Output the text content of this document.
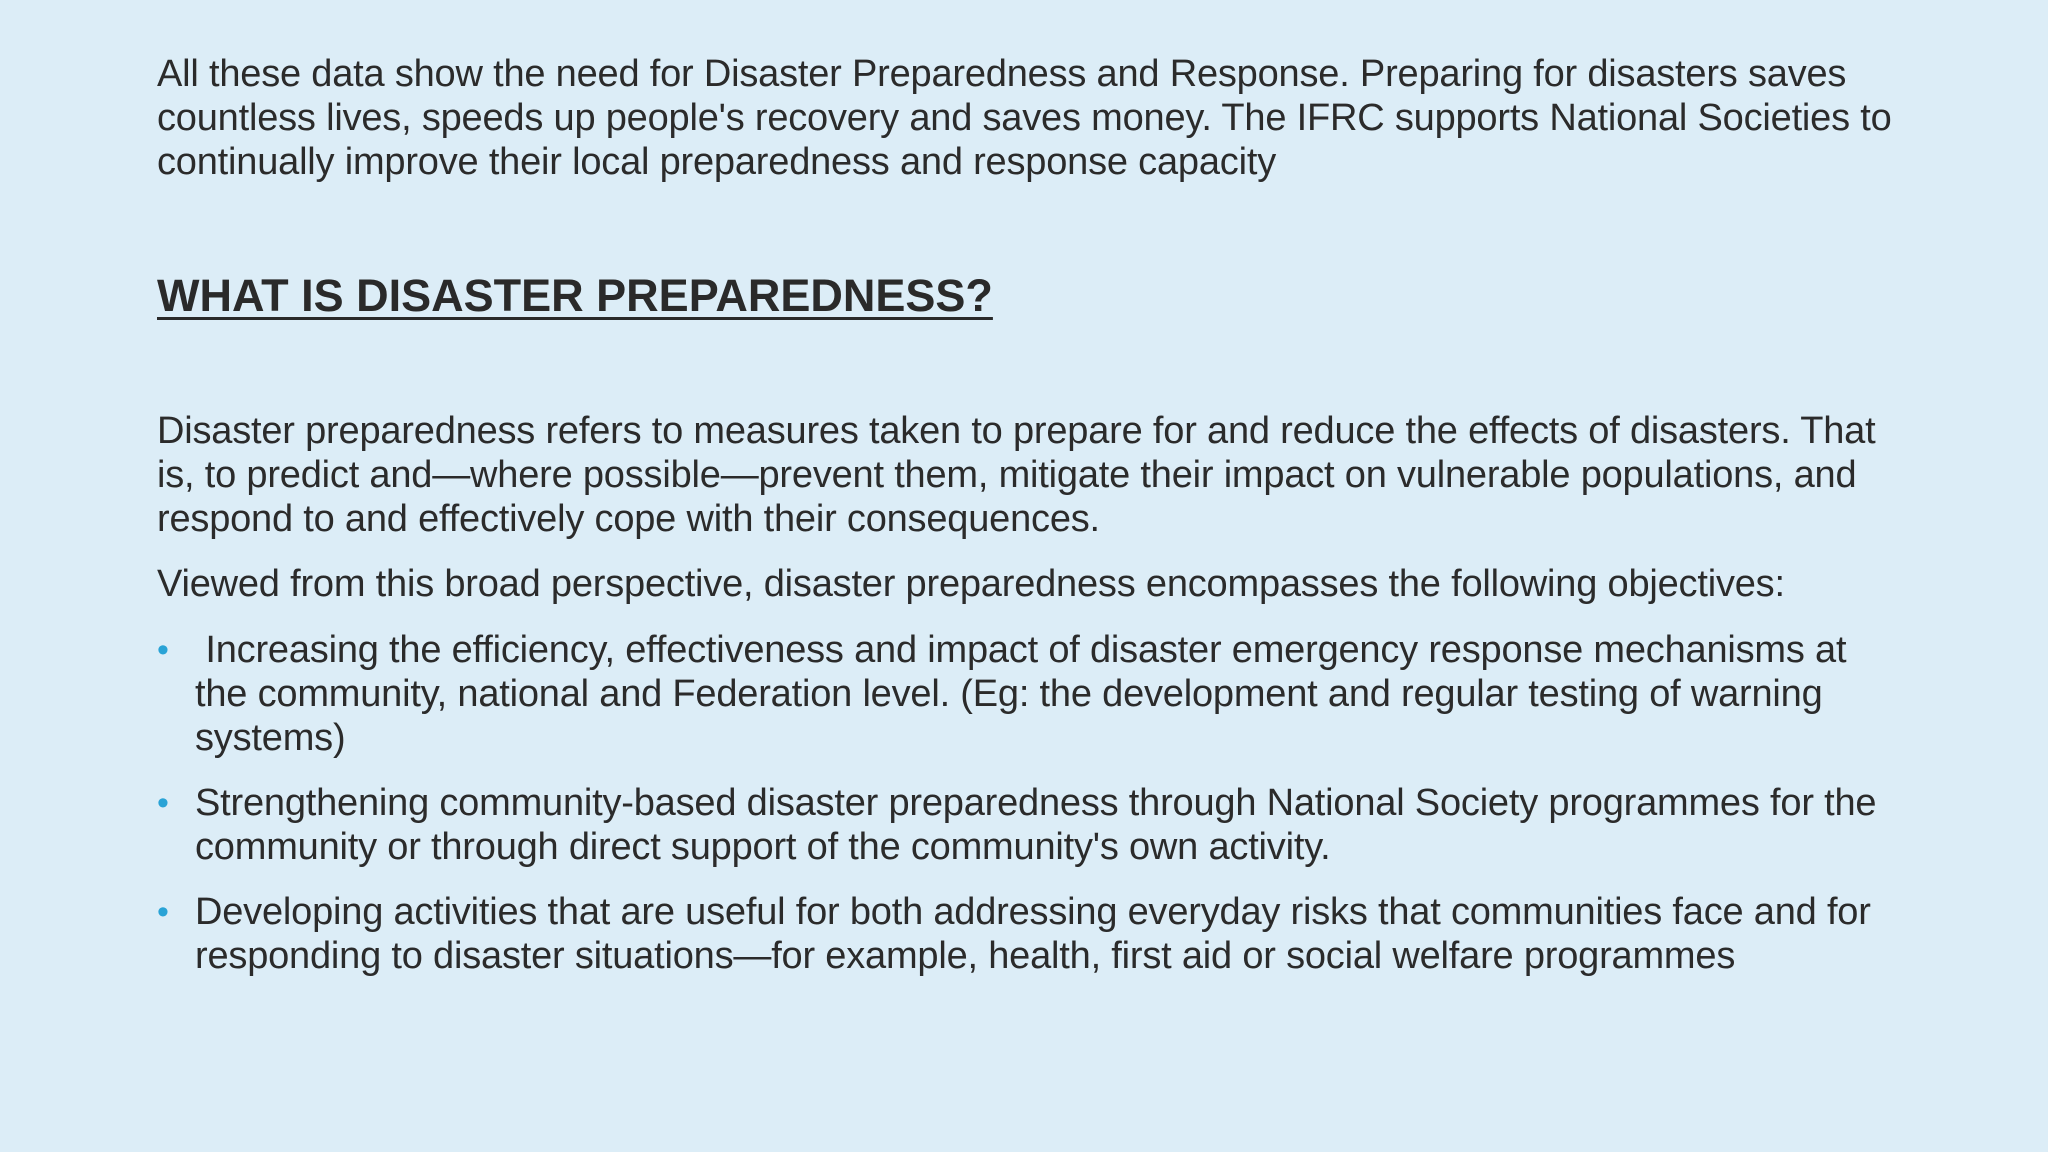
All these data show the need for Disaster Preparedness and Response. Preparing for disasters saves countless lives, speeds up people's recovery and saves money. The IFRC supports National Societies to continually improve their local preparedness and response capacity

WHAT IS DISASTER PREPAREDNESS?

Disaster preparedness refers to measures taken to prepare for and reduce the effects of disasters. That is, to predict and—where possible—prevent them, mitigate their impact on vulnerable populations, and respond to and effectively cope with their consequences.

Viewed from this broad perspective, disaster preparedness encompasses the following objectives:

• Increasing the efficiency, effectiveness and impact of disaster emergency response mechanisms at the community, national and Federation level. (Eg: the development and regular testing of warning systems)
• Strengthening community-based disaster preparedness through National Society programmes for the community or through direct support of the community's own activity.
• Developing activities that are useful for both addressing everyday risks that communities face and for responding to disaster situations—for example, health, first aid or social welfare programmes
